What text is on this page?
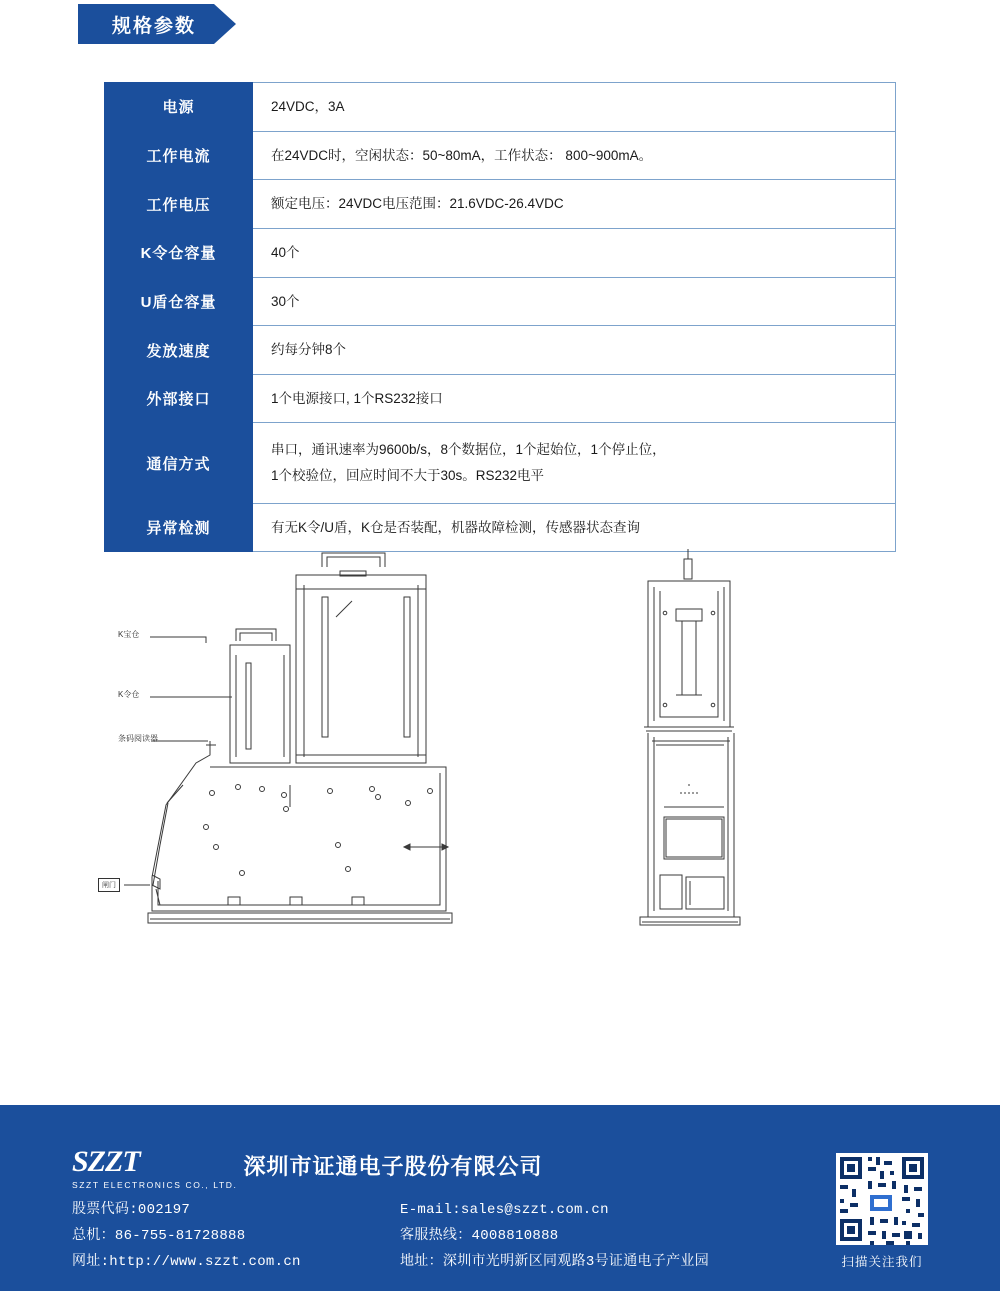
规格参数
电源	24VDC，3A

工作电流	在24VDC时，空闲状态：50~80mA，工作状态： 800~900mA。

工作电压	额定电压：24VDC电压范围：21.6VDC-26.4VDC

K令仓容量	40个

U盾仓容量	30个

发放速度	约每分钟8个

外部接口	1个电源接口, 1个RS232接口

通信方式	串口，通讯速率为9600b/s，8个数据位，1个起始位，1个停止位，
1个校验位，回应时间不大于30s。RS232电平

异常检测	有无K令/U盾，K仓是否装配，机器故障检测，传感器状态查询
K宝仓
K令仓
条码阅读器
闸门
SZZT
SZZT ELECTRONICS CO., LTD.
深圳市证通电子股份有限公司
股票代码:002197
总机：86-755-81728888
网址:http://www.szzt.com.cn
E-mail:sales@szzt.com.cn
客服热线：4008810888
地址：深圳市光明新区同观路3号证通电子产业园	扫描关注我们
